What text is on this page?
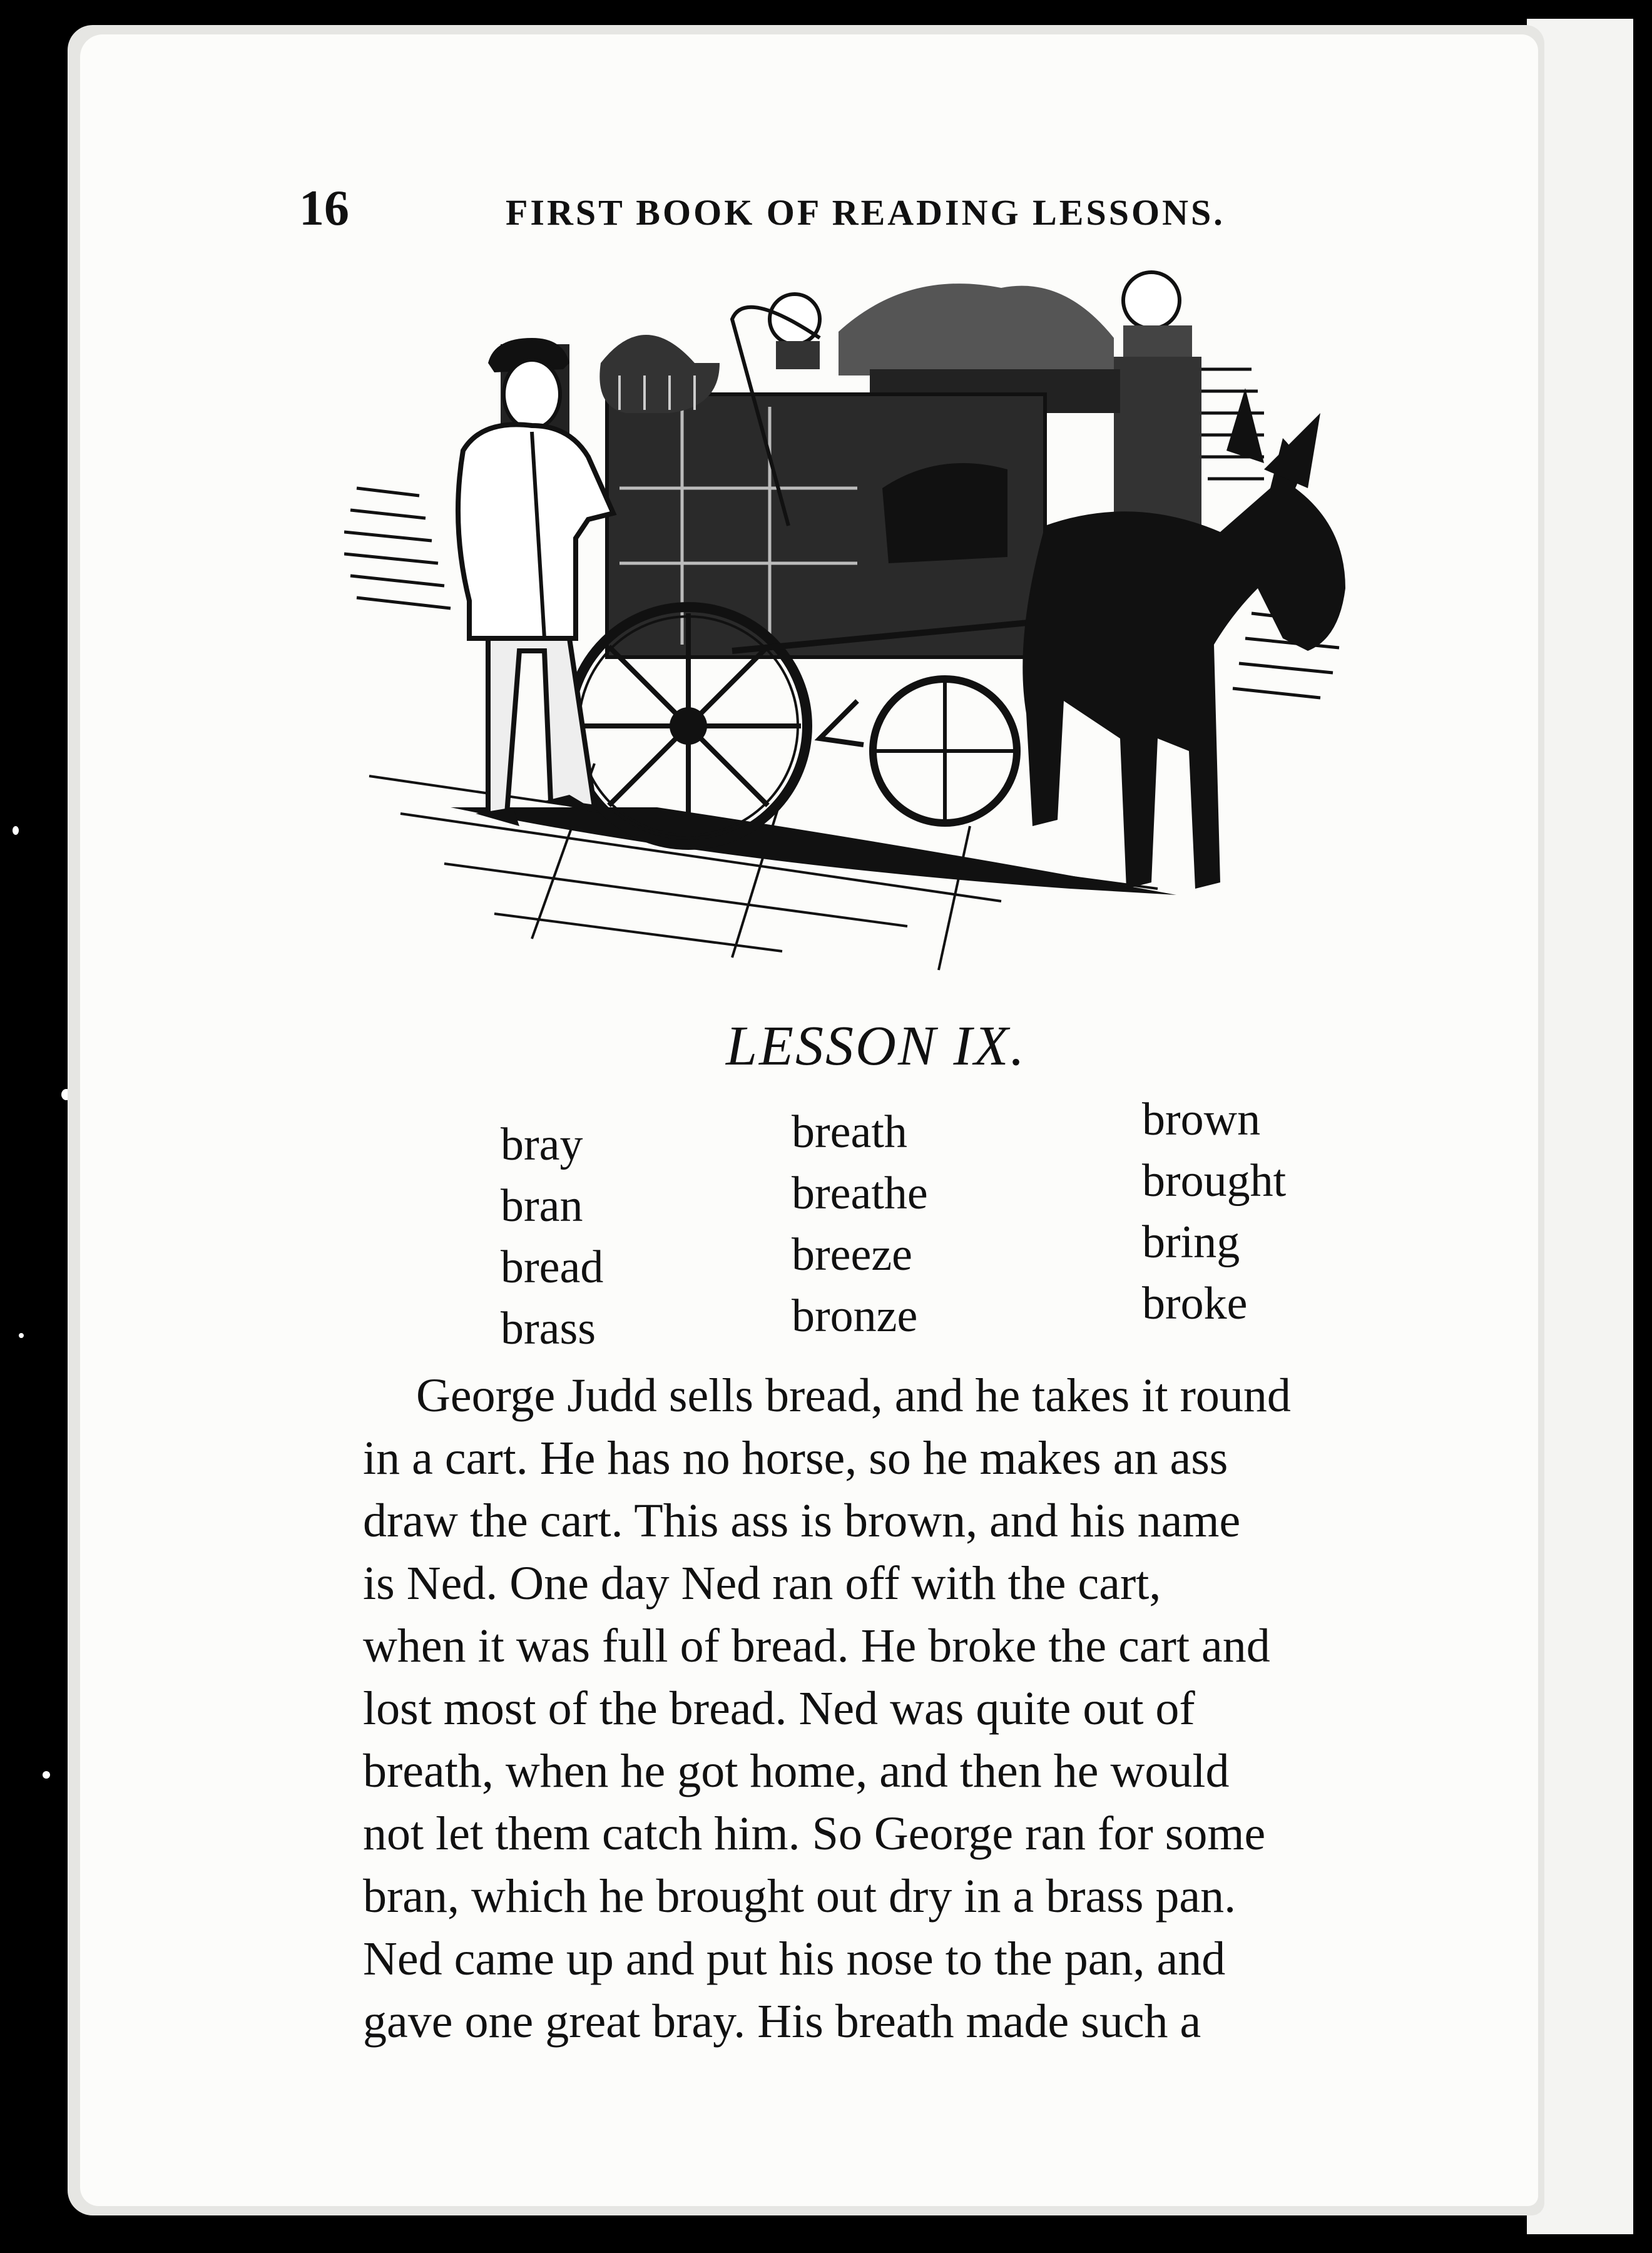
16	FIRST BOOK OF READING LESSONS.
LESSON IX.
bray
bran
bread
brass
breath
breathe
breeze
bronze
brown
brought
bring
broke
George Judd sells bread, and he takes it round
in a cart. He has no horse, so he makes an ass
draw the cart. This ass is brown, and his name
is Ned. One day Ned ran off with the cart,
when it was full of bread. He broke the cart and
lost most of the bread. Ned was quite out of
breath, when he got home, and then he would
not let them catch him. So George ran for some
bran, which he brought out dry in a brass pan.
Ned came up and put his nose to the pan, and
gave one great bray. His breath made such a
